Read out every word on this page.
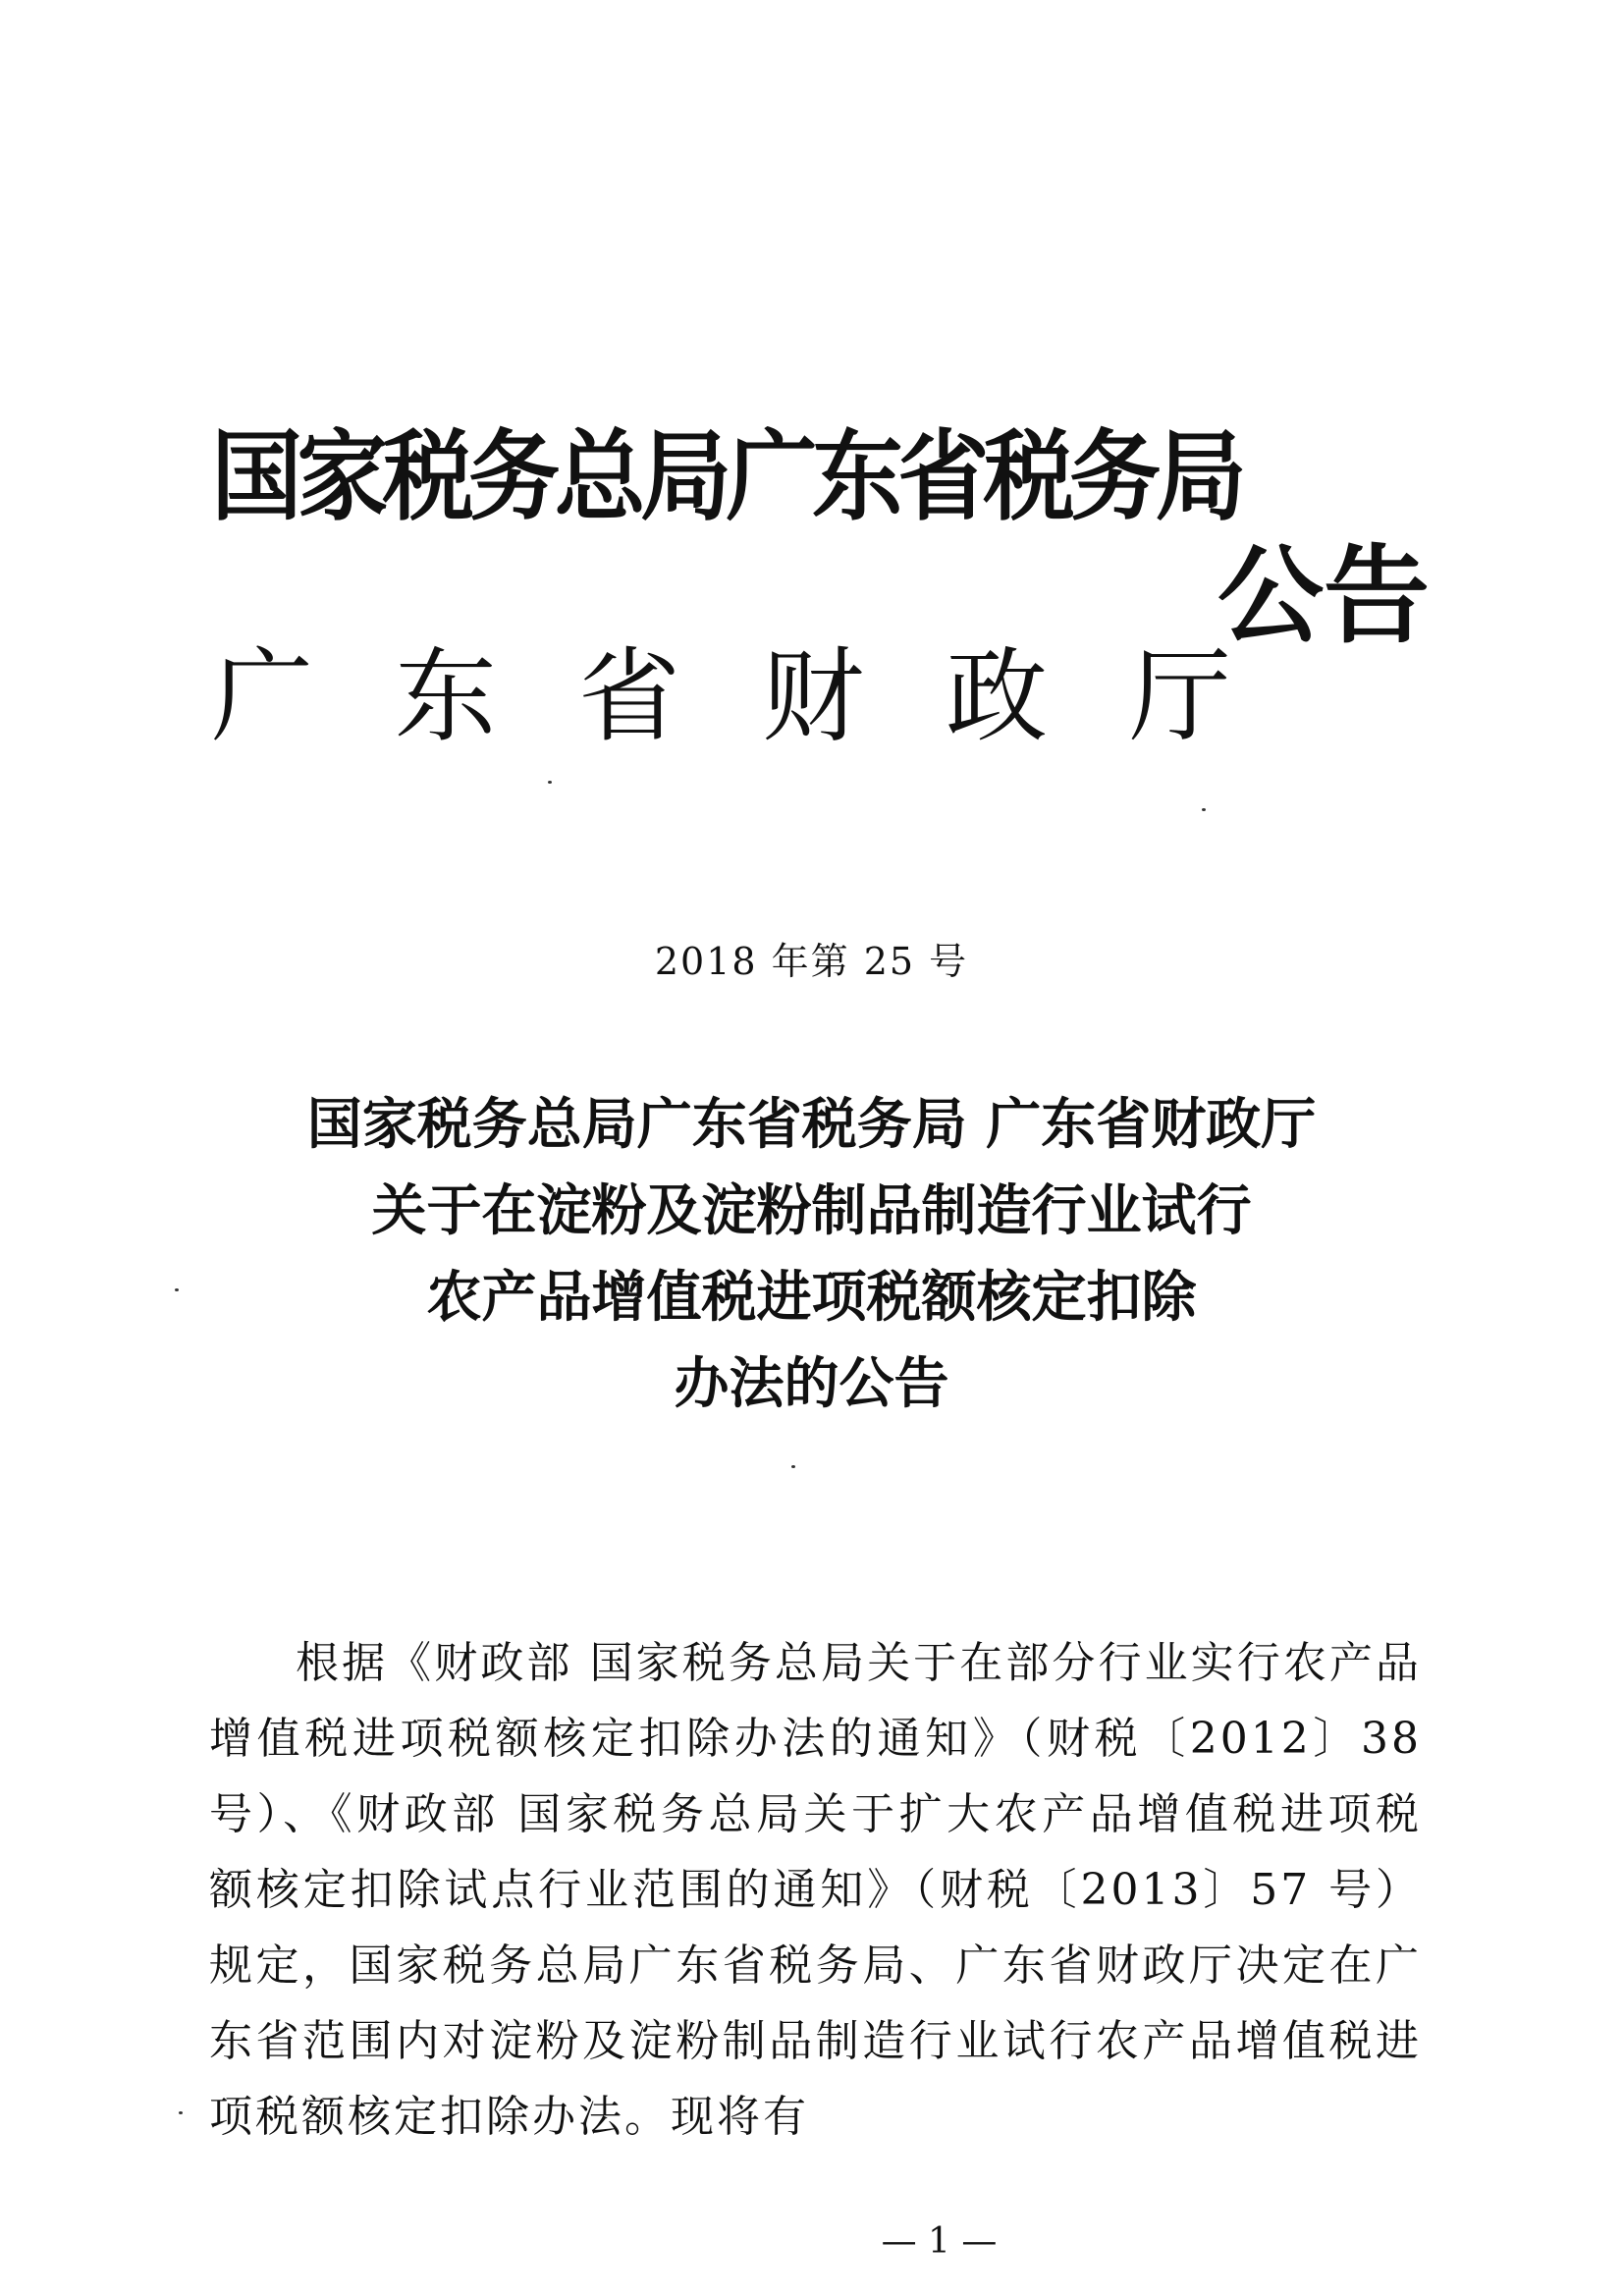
国家税务总局广东省税务局
广东省财政厅
公告
2018 年第 25 号
国家税务总局广东省税务局 广东省财政厅
关于在淀粉及淀粉制品制造行业试行
农产品增值税进项税额核定扣除
办法的公告
根据《财政部 国家税务总局关于在部分行业实行农产品增值税进项税额核定扣除办法的通知》（财税〔2012〕38 号）、《财政部 国家税务总局关于扩大农产品增值税进项税额核定扣除试点行业范围的通知》（财税〔2013〕57 号）规定，国家税务总局广东省税务局、广东省财政厅决定在广东省范围内对淀粉及淀粉制品制造行业试行农产品增值税进项税额核定扣除办法。现将有
— 1 —
